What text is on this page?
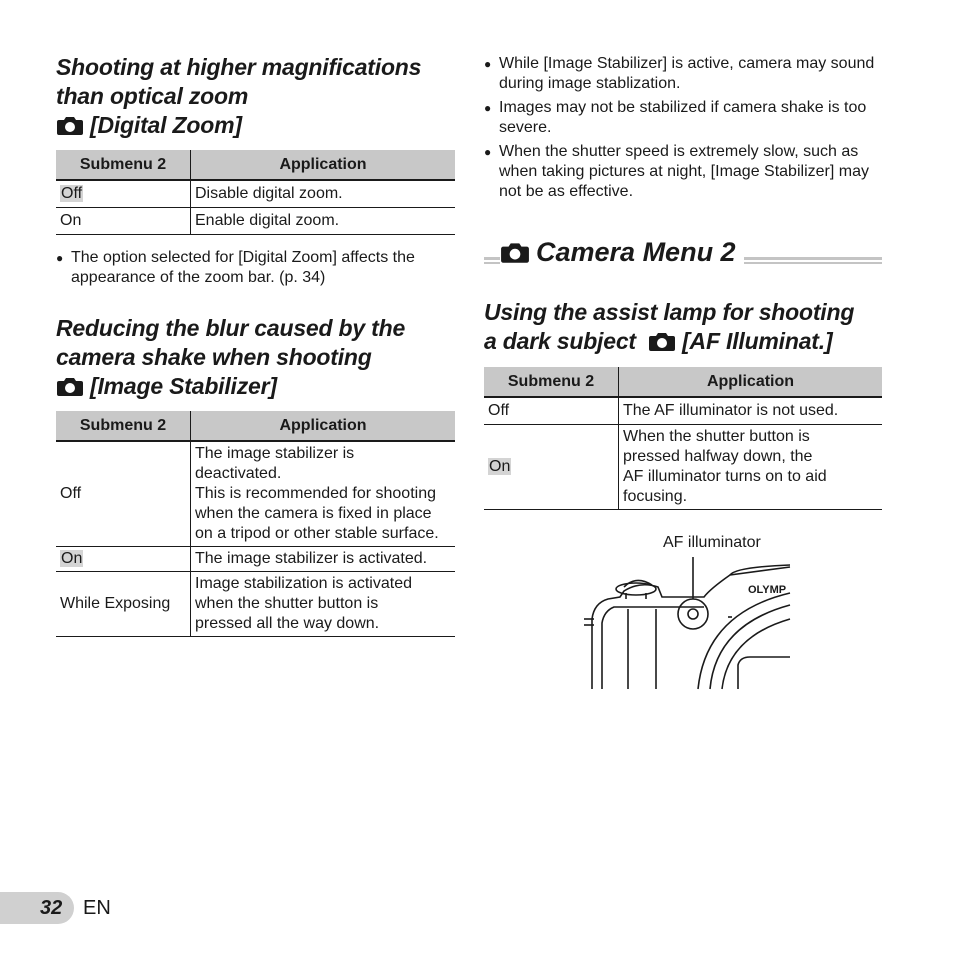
Shooting at higher magnifications
than optical zoom
[Digital Zoom]
Submenu 2	Application
Off	Disable digital zoom.
On	Enable digital zoom.
● The option selected for [Digital Zoom] affects the appearance of the zoom bar. (p. 34)
Reducing the blur caused by the
camera shake when shooting
[Image Stabilizer]
Submenu 2	Application
Off	The image stabilizer is
deactivated.
This is recommended for shooting
when the camera is fixed in place
on a tripod or other stable surface.
On	The image stabilizer is activated.
While Exposing	Image stabilization is activated
when the shutter button is
pressed all the way down.
● While [Image Stabilizer] is active, camera may sound during image stablization.
● Images may not be stabilized if camera shake is too severe.
● When the shutter speed is extremely slow, such as when taking pictures at night, [Image Stabilizer] may not be as effective.
Camera Menu 2
Using the assist lamp for shooting
a dark subject [AF Illuminat.]
Submenu 2	Application
Off	The AF illuminator is not used.
On	When the shutter button is
pressed halfway down, the
AF illuminator turns on to aid
focusing.
AF illuminator
OLYMP
32 EN
